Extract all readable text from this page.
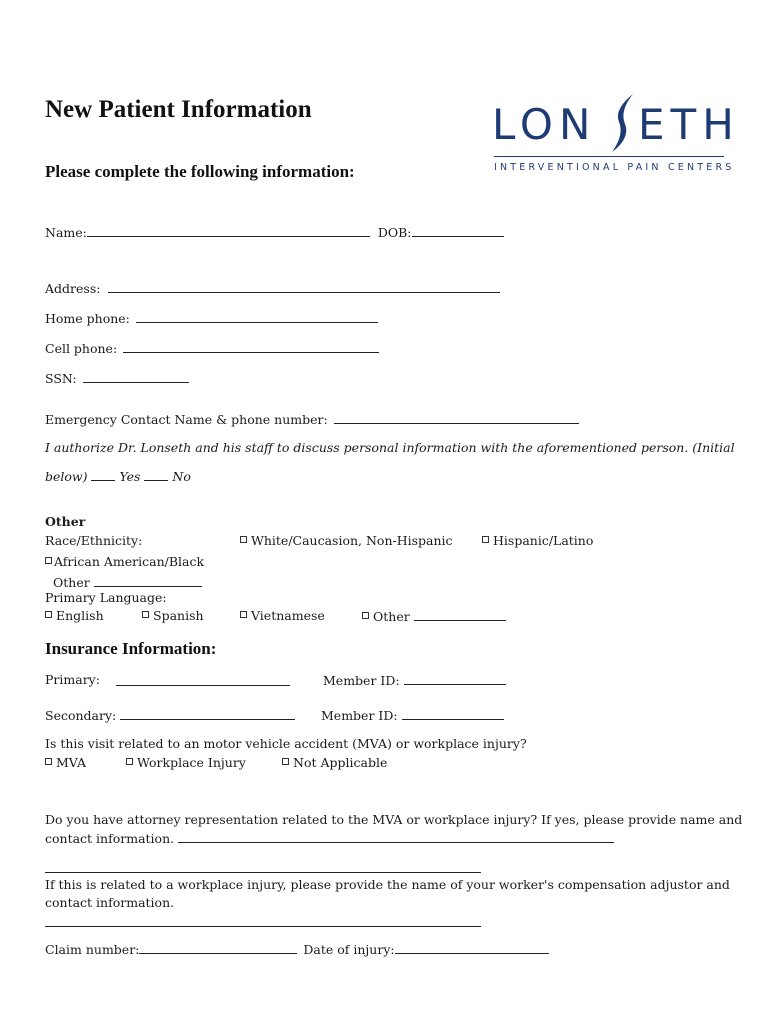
New Patient Information
Please complete the following information:
LON ETH
INTERVENTIONAL PAIN CENTERS
Name:	DOB:
Address:
Home phone:
Cell phone:
SSN:
Emergency Contact Name & phone number:
I authorize Dr. Lonseth and his staff to discuss personal information with the aforementioned person. (Initial
below)	Yes	No
Other
Race/Ethnicity:	White/Caucasion, Non-Hispanic	Hispanic/Latino
African American/Black
Other
Primary Language:
English	Spanish	Vietnamese	Other
Insurance Information:
Primary:	Member ID:
Secondary:	Member ID:
Is this visit related to an motor vehicle accident (MVA) or workplace injury?
MVA	Workplace Injury	Not Applicable
Do you have attorney representation related to the MVA or workplace injury? If yes, please provide name and
contact information.
If this is related to a workplace injury, please provide the name of your worker's compensation adjustor and
contact information.
Claim number:	Date of injury:
